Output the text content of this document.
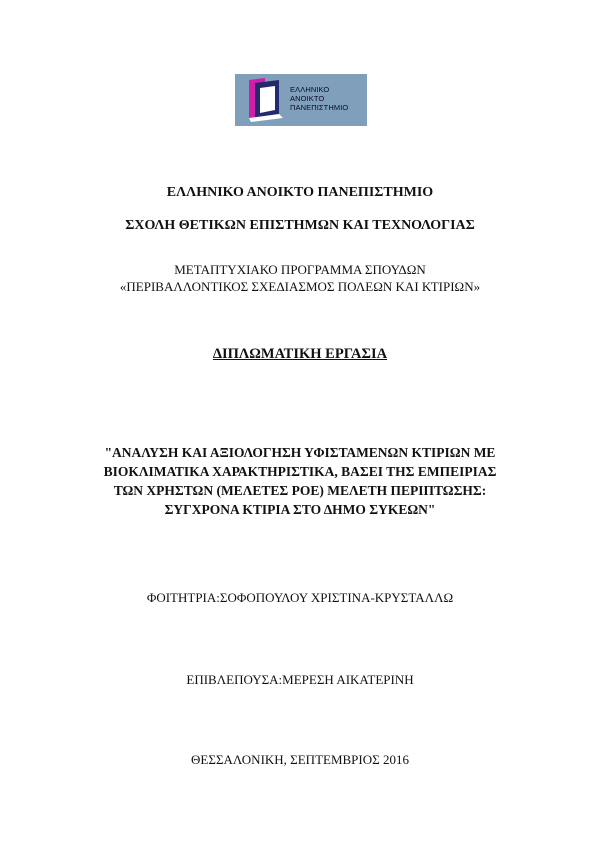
ΕΛΛΗΝΙΚΟ
ΑΝΟΙΚΤΟ
ΠΑΝΕΠΙΣΤΗΜΙΟ
ΕΛΛΗΝΙΚΟ ΑΝΟΙΚΤΟ ΠΑΝΕΠΙΣΤΗΜΙΟ
ΣΧΟΛΗ ΘΕΤΙΚΩΝ ΕΠΙΣΤΗΜΩΝ ΚΑΙ ΤΕΧΝΟΛΟΓΙΑΣ
ΜΕΤΑΠΤΥΧΙΑΚΟ ΠΡΟΓΡΑΜΜΑ ΣΠΟΥΔΩΝ
«ΠΕΡΙΒΑΛΛΟΝΤΙΚΟΣ ΣΧΕΔΙΑΣΜΟΣ ΠΟΛΕΩΝ ΚΑΙ ΚΤΙΡΙΩΝ»
ΔΙΠΛΩΜΑΤΙΚΗ ΕΡΓΑΣΙΑ
"ΑΝΑΛΥΣΗ ΚΑΙ ΑΞΙΟΛΟΓΗΣΗ ΥΦΙΣΤΑΜΕΝΩΝ ΚΤΙΡΙΩΝ ΜΕ
ΒΙΟΚΛΙΜΑΤΙΚΑ ΧΑΡΑΚΤΗΡΙΣΤΙΚΑ, ΒΑΣΕΙ ΤΗΣ ΕΜΠΕΙΡΙΑΣ
ΤΩΝ ΧΡΗΣΤΩΝ (ΜΕΛΕΤΕΣ ΡΟΕ) ΜΕΛΕΤΗ ΠΕΡΙΠΤΩΣΗΣ:
ΣΥΓΧΡΟΝΑ ΚΤΙΡΙΑ ΣΤΟ ΔΗΜΟ ΣΥΚΕΩΝ"
ΦΟΙΤΗΤΡΙΑ:ΣΟΦΟΠΟΥΛΟΥ ΧΡΙΣΤΙΝΑ-ΚΡΥΣΤΑΛΛΩ
ΕΠΙΒΛΕΠΟΥΣΑ:ΜΕΡΕΣΗ ΑΙΚΑΤΕΡΙΝΗ
ΘΕΣΣΑΛΟΝΙΚΗ, ΣΕΠΤΕΜΒΡΙΟΣ 2016
